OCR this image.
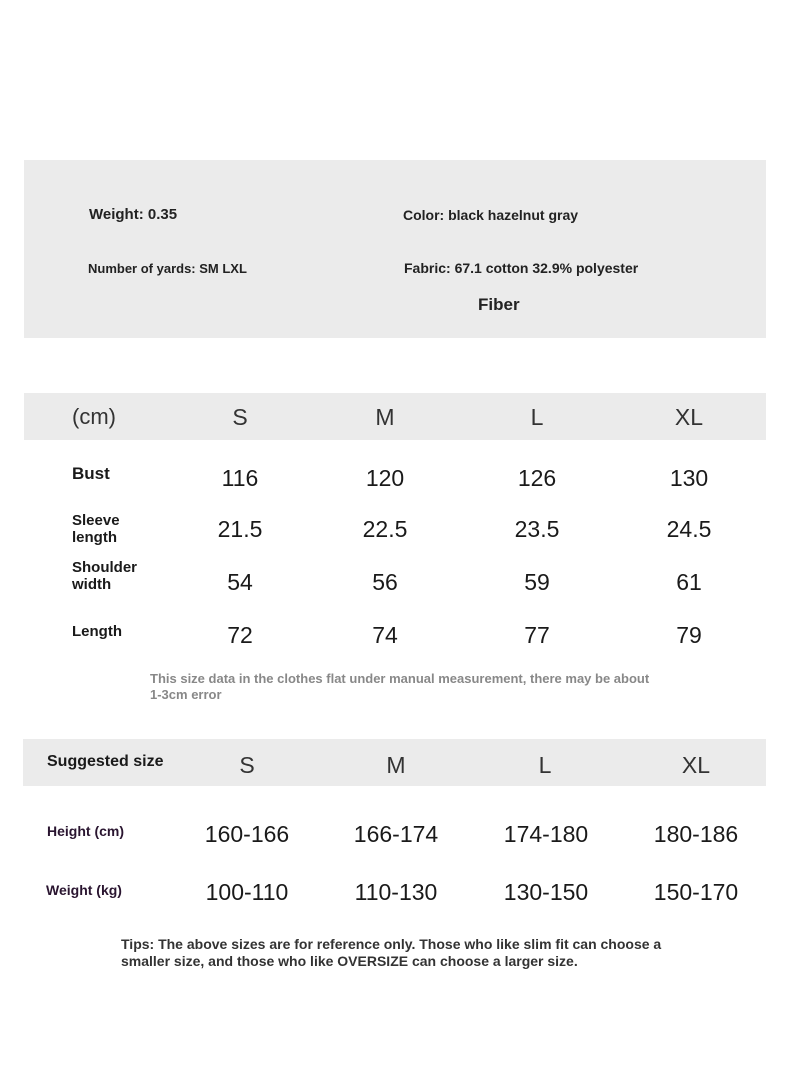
Weight: 0.35	Color: black hazelnut gray
Number of yards: SM LXL	Fabric: 67.1 cotton 32.9% polyester
Fiber
(cm)	S	M	L	XL
Bust	116	120	126	130
Sleeve
length	21.5	22.5	23.5	24.5
Shoulder
width	54	56	59	61
Length	72	74	77	79
This size data in the clothes flat under manual measurement, there may be about 1-3cm error
Suggested size	S	M	L	XL
Height (cm)	160-166	166-174	174-180	180-186
Weight (kg)	100-110	110-130	130-150	150-170
Tips: The above sizes are for reference only. Those who like slim fit can choose a smaller size, and those who like OVERSIZE can choose a larger size.
